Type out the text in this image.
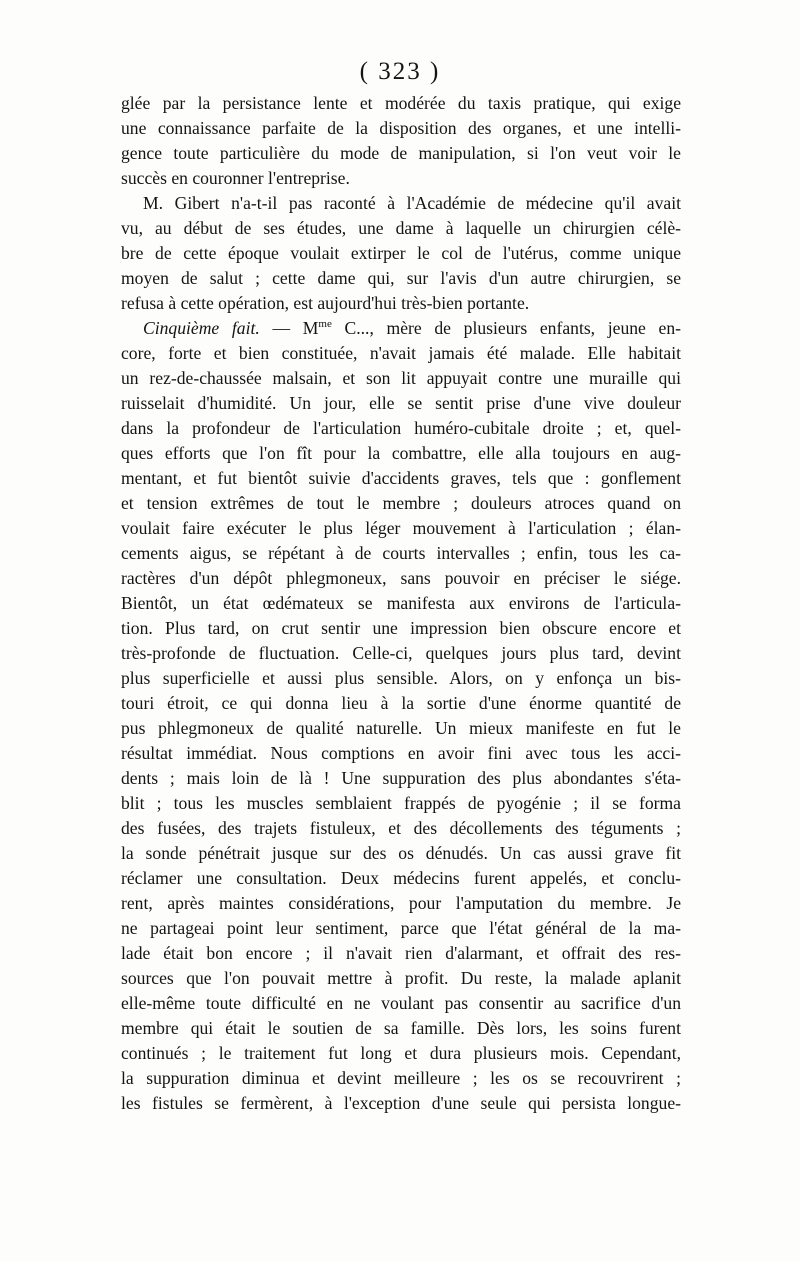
( 323 )
glée par la persistance lente et modérée du taxis pratique, qui exige
une connaissance parfaite de la disposition des organes, et une intelli-
gence toute particulière du mode de manipulation, si l'on veut voir le
succès en couronner l'entreprise.
M. Gibert n'a-t-il pas raconté à l'Académie de médecine qu'il avait
vu, au début de ses études, une dame à laquelle un chirurgien célè-
bre de cette époque voulait extirper le col de l'utérus, comme unique
moyen de salut ; cette dame qui, sur l'avis d'un autre chirurgien, se
refusa à cette opération, est aujourd'hui très-bien portante.
Cinquième fait. — $M^{me}$ C..., mère de plusieurs enfants, jeune en-
core, forte et bien constituée, n'avait jamais été malade. Elle habitait
un rez-de-chaussée malsain, et son lit appuyait contre une muraille qui
ruisselait d'humidité. Un jour, elle se sentit prise d'une vive douleur
dans la profondeur de l'articulation huméro-cubitale droite ; et, quel-
ques efforts que l'on fît pour la combattre, elle alla toujours en aug-
mentant, et fut bientôt suivie d'accidents graves, tels que : gonflement
et tension extrêmes de tout le membre ; douleurs atroces quand on
voulait faire exécuter le plus léger mouvement à l'articulation ; élan-
cements aigus, se répétant à de courts intervalles ; enfin, tous les ca-
ractères d'un dépôt phlegmoneux, sans pouvoir en préciser le siége.
Bientôt, un état œdémateux se manifesta aux environs de l'articula-
tion. Plus tard, on crut sentir une impression bien obscure encore et
très-profonde de fluctuation. Celle-ci, quelques jours plus tard, devint
plus superficielle et aussi plus sensible. Alors, on y enfonça un bis-
touri étroit, ce qui donna lieu à la sortie d'une énorme quantité de
pus phlegmoneux de qualité naturelle. Un mieux manifeste en fut le
résultat immédiat. Nous comptions en avoir fini avec tous les acci-
dents ; mais loin de là ! Une suppuration des plus abondantes s'éta-
blit ; tous les muscles semblaient frappés de pyogénie ; il se forma
des fusées, des trajets fistuleux, et des décollements des téguments ;
la sonde pénétrait jusque sur des os dénudés. Un cas aussi grave fit
réclamer une consultation. Deux médecins furent appelés, et conclu-
rent, après maintes considérations, pour l'amputation du membre. Je
ne partageai point leur sentiment, parce que l'état général de la ma-
lade était bon encore ; il n'avait rien d'alarmant, et offrait des res-
sources que l'on pouvait mettre à profit. Du reste, la malade aplanit
elle-même toute difficulté en ne voulant pas consentir au sacrifice d'un
membre qui était le soutien de sa famille. Dès lors, les soins furent
continués ; le traitement fut long et dura plusieurs mois. Cependant,
la suppuration diminua et devint meilleure ; les os se recouvrirent ;
les fistules se fermèrent, à l'exception d'une seule qui persista longue-
